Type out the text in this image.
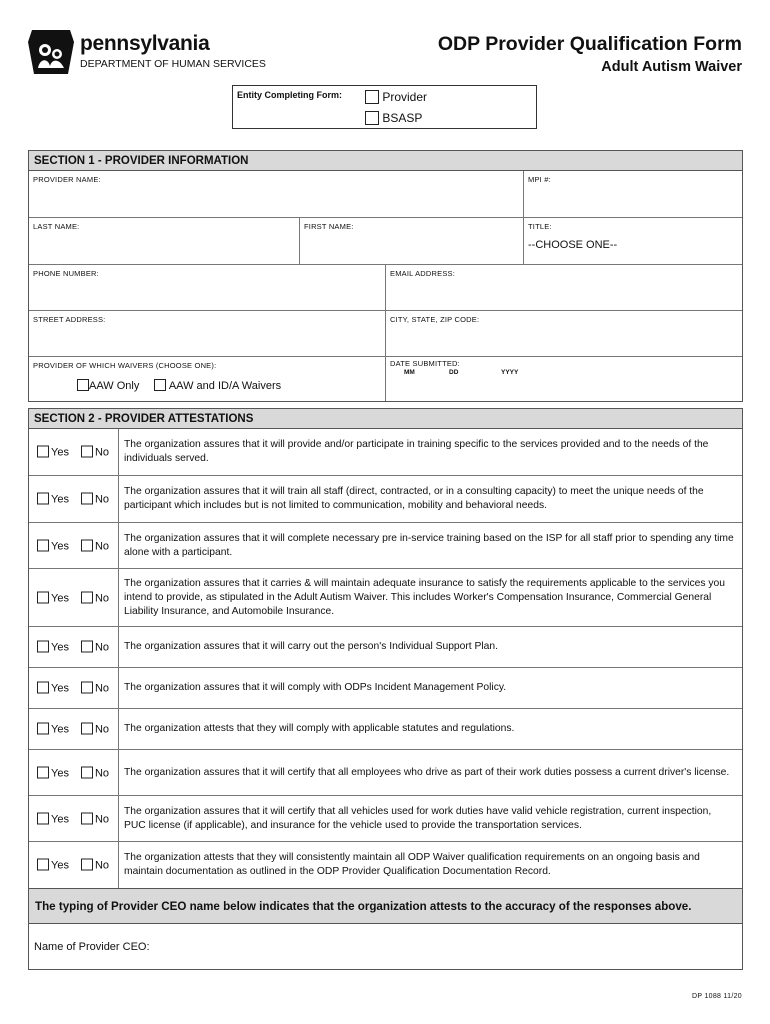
pennsylvania
DEPARTMENT OF HUMAN SERVICES
ODP Provider Qualification Form
Adult Autism Waiver
Entity Completing Form:	Provider
BSASP
SECTION 1 - PROVIDER INFORMATION
PROVIDER NAME:	MPI #:
LAST NAME:	FIRST NAME:	TITLE:
--CHOOSE ONE--
PHONE NUMBER:	EMAIL ADDRESS:
STREET ADDRESS:	CITY, STATE, ZIP CODE:
PROVIDER OF WHICH WAIVERS (CHOOSE ONE):
AAW Only	AAW and ID/A Waivers
DATE SUBMITTED:
MM	DD	YYYY
SECTION 2 - PROVIDER ATTESTATIONS
Yes No
The organization assures that it will provide and/or participate in training specific to the services provided and to the needs of the individuals served.
Yes No
The organization assures that it will train all staff (direct, contracted, or in a consulting capacity) to meet the unique needs of the participant which includes but is not limited to communication, mobility and behavioral needs.
Yes No
The organization assures that it will complete necessary pre in-service training based on the ISP for all staff prior to spending any time alone with a participant.
Yes No
The organization assures that it carries & will maintain adequate insurance to satisfy the requirements applicable to the services you intend to provide, as stipulated in the Adult Autism Waiver. This includes Worker's Compensation Insurance, Commercial General Liability Insurance, and Automobile Insurance.
Yes No The organization assures that it will carry out the person's Individual Support Plan.
Yes No The organization assures that it will comply with ODPs Incident Management Policy.
Yes No The organization attests that they will comply with applicable statutes and regulations.
Yes No The organization assures that it will certify that all employees who drive as part of their work duties possess a current driver's license.
Yes No
The organization assures that it will certify that all vehicles used for work duties have valid vehicle registration, current inspection, PUC license (if applicable), and insurance for the vehicle used to provide the transportation services.
Yes No
The organization attests that they will consistently maintain all ODP Waiver qualification requirements on an ongoing basis and maintain documentation as outlined in the ODP Provider Qualification Documentation Record.
The typing of Provider CEO name below indicates that the organization attests to the accuracy of the responses above.
Name of Provider CEO:
DP 1088 11/20
